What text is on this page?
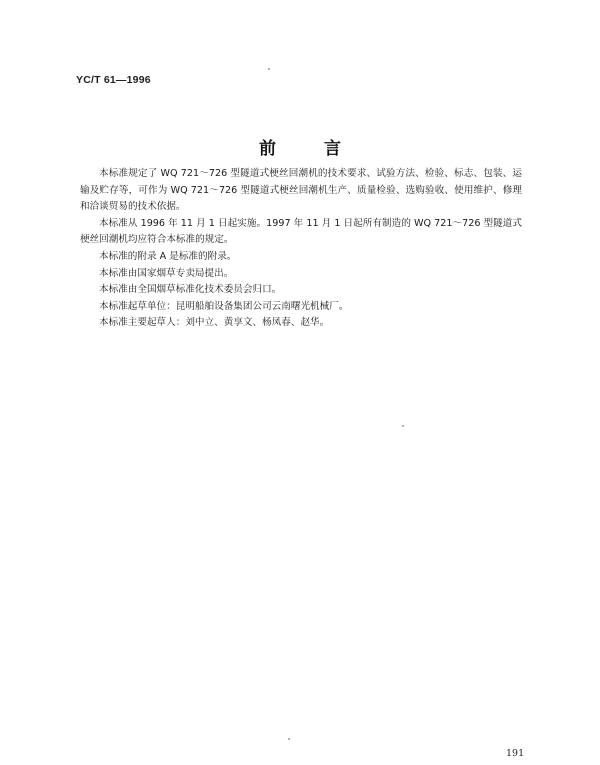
YC/T 61—1996
前言

本标准规定了 WQ 721～726 型隧道式梗丝回潮机的技术要求、试验方法、检验、标志、包装、运输及贮存等，可作为 WQ 721～726 型隧道式梗丝回潮机生产、质量检验、选购验收、使用维护、修理和洽谈贸易的技术依据。

本标准从 1996 年 11 月 1 日起实施。1997 年 11 月 1 日起所有制造的 WQ 721～726 型隧道式梗丝回潮机均应符合本标准的规定。

本标准的附录 A 是标准的附录。

本标准由国家烟草专卖局提出。

本标准由全国烟草标准化技术委员会归口。

本标准起草单位：昆明船舶设备集团公司云南曙光机械厂。

本标准主要起草人：刘中立、黄享文、杨凤春、赵华。

191
